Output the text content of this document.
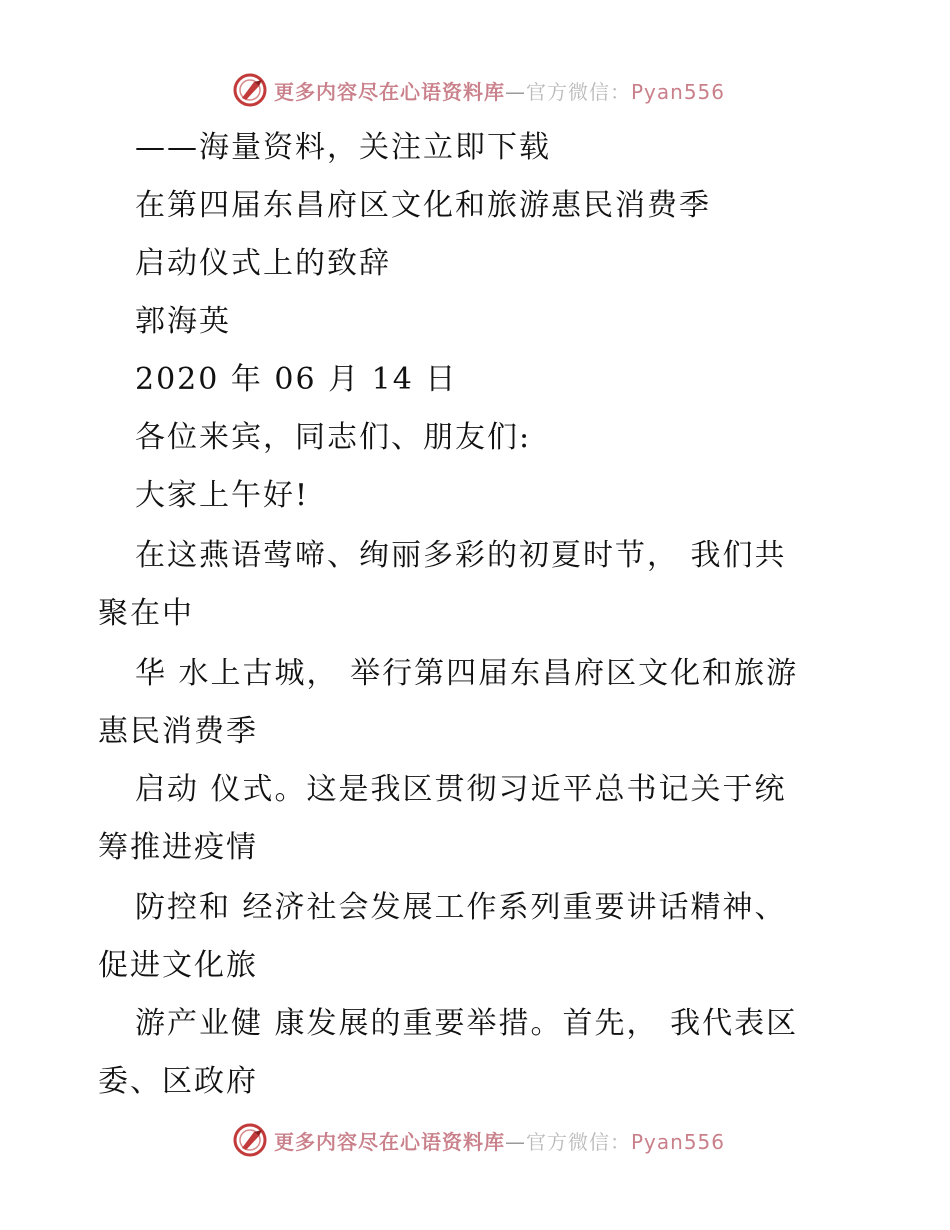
更多内容尽在心语资料库—官方微信：Pyan556
——海量资料，关注立即下载
在第四届东昌府区文化和旅游惠民消费季
启动仪式上的致辞
郭海英
2020 年 06 月 14 日
各位来宾，同志们、朋友们:
大家上午好!
在这燕语莺啼、绚丽多彩的初夏时节， 我们共
聚在中
华 水上古城， 举行第四届东昌府区文化和旅游
惠民消费季
启动 仪式。这是我区贯彻习近平总书记关于统
筹推进疫情
防控和 经济社会发展工作系列重要讲话精神、
促进文化旅
游产业健 康发展的重要举措。首先， 我代表区
委、区政府
更多内容尽在心语资料库—官方微信：Pyan556
